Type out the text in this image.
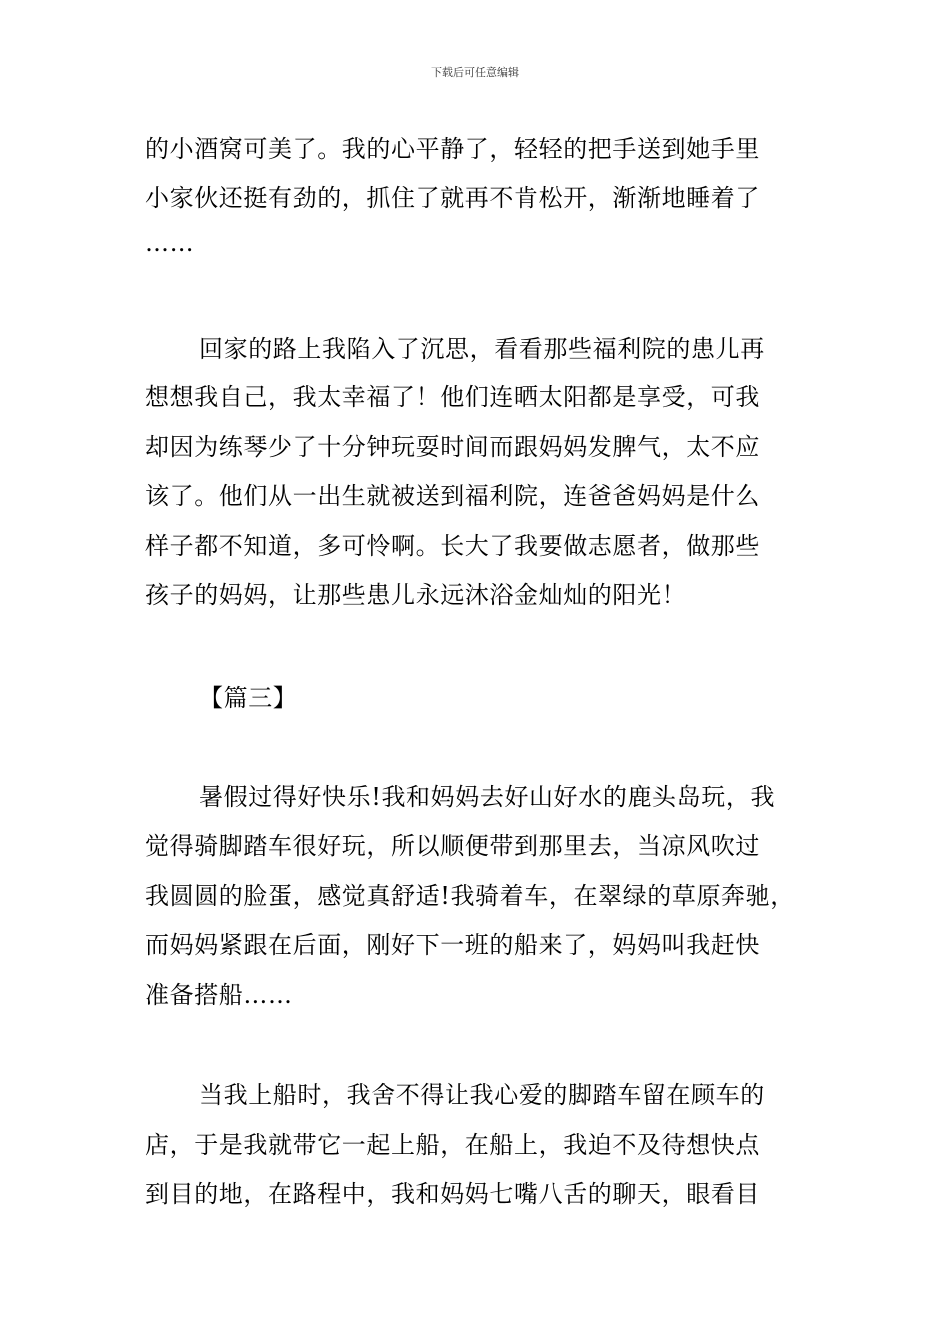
下载后可任意编辑
的小酒窝可美了。我的心平静了，轻轻的把手送到她手里
小家伙还挺有劲的，抓住了就再不肯松开，渐渐地睡着了
……
回家的路上我陷入了沉思，看看那些福利院的患儿再
想想我自己，我太幸福了！他们连晒太阳都是享受，可我
却因为练琴少了十分钟玩耍时间而跟妈妈发脾气，太不应
该了。他们从一出生就被送到福利院，连爸爸妈妈是什么
样子都不知道，多可怜啊。长大了我要做志愿者，做那些
孩子的妈妈，让那些患儿永远沐浴金灿灿的阳光！
【篇三】
暑假过得好快乐!我和妈妈去好山好水的鹿头岛玩，我
觉得骑脚踏车很好玩，所以顺便带到那里去，当凉风吹过
我圆圆的脸蛋，感觉真舒适!我骑着车，在翠绿的草原奔驰，
而妈妈紧跟在后面，刚好下一班的船来了，妈妈叫我赶快
准备搭船……
当我上船时，我舍不得让我心爱的脚踏车留在顾车的
店，于是我就带它一起上船，在船上，我迫不及待想快点
到目的地，在路程中，我和妈妈七嘴八舌的聊天，眼看目
